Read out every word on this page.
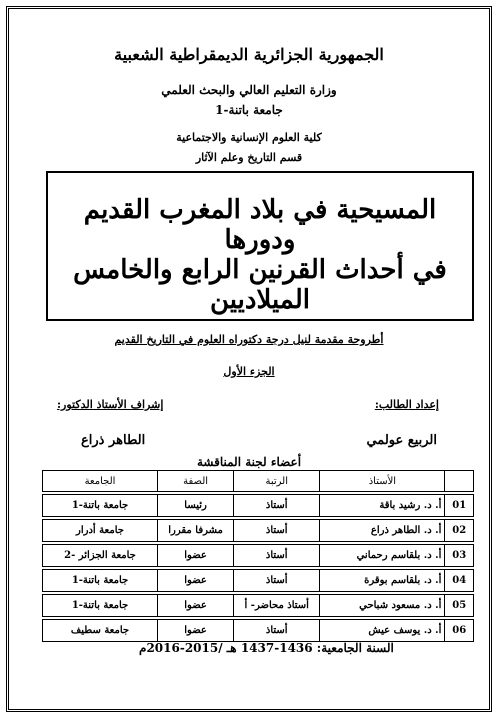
الجمهورية الجزائرية الديمقراطية الشعبية
وزارة التعليم العالي والبحث العلمي
جامعة باتنة-1
كلية العلوم الإنسانية والاجتماعية
قسم التاريخ وعلم الآثار
المسيحية في بلاد المغرب القديم ودورها
في أحداث القرنين الرابع والخامس الميلاديين
أطروحة مقدمة لنيل درجة دكتوراه العلوم في التاريخ القديم
الجزء الأول
إعداد الطالب:
إشراف الأستاذ الدكتور:
الربيع عولمي
الطاهر ذراع
أعضاء لجنة المناقشة
	الأستاذ	الرتبة	الصفة	الجامعة

01	أ. د. رشيد باقة	أستاذ	رئيسا	جامعة باتنة-1

02	أ. د. الطاهر ذراع	أستاذ	مشرفا مقررا	جامعة أدرار

03	أ. د. بلقاسم رحماني	أستاذ	عضوا	جامعة الجزائر -2

04	أ. د. بلقاسم بوقرة	أستاذ	عضوا	جامعة باتنة-1

05	أ. د. مسعود شباحي	أستاذ محاضر- أ	عضوا	جامعة باتنة-1

06	أ. د. يوسف عيش	أستاذ	عضوا	جامعة سطيف
السنة الجامعية: 1436-1437 هـ /2015-2016م
